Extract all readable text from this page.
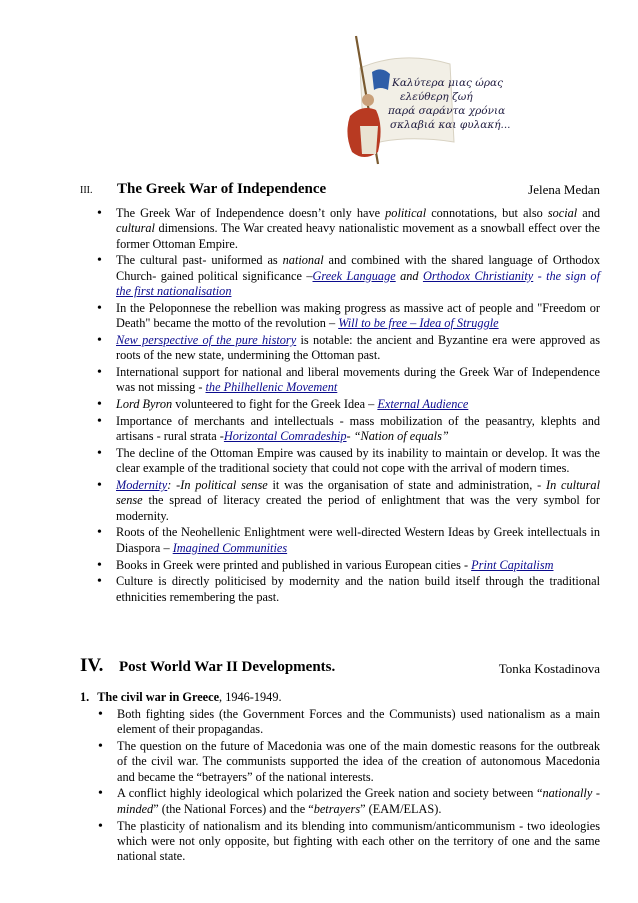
Καλύτερα μιας ώρας
ελεύθερη ζωή
παρά σαράντα χρόνια
σκλαβιά και φυλακή...
III. The Greek War of Independence	Jelena Medan
• The Greek War of Independence doesn’t only have political connotations, but also social and cultural dimensions. The War created heavy nationalistic movement as a snowball effect over the former Ottoman Empire.
• The cultural past- uniformed as national and combined with the shared language of Orthodox Church- gained political significance –Greek Language and Orthodox Christianity - the sign of the first nationalisation
• In the Peloponnese the rebellion was making progress as massive act of people and "Freedom or Death" became the motto of the revolution – Will to be free – Idea of Struggle
• New perspective of the pure history is notable: the ancient and Byzantine era were approved as roots of the new state, undermining the Ottoman past.
• International support for national and liberal movements during the Greek War of Independence was not missing - the Philhellenic Movement
• Lord Byron volunteered to fight for the Greek Idea – External Audience
• Importance of merchants and intellectuals - mass mobilization of the peasantry, klephts and artisans - rural strata -Horizontal Comradeship- “Nation of equals”
• The decline of the Ottoman Empire was caused by its inability to maintain or develop. It was the clear example of the traditional society that could not cope with the arrival of modern times.
• Modernity: -In political sense it was the organisation of state and administration, - In cultural sense the spread of literacy created the period of enlightment that was the very symbol for modernity.
• Roots of the Neohellenic Enlightment were well-directed Western Ideas by Greek intellectuals in Diaspora – Imagined Communities
• Books in Greek were printed and published in various European cities - Print Capitalism
• Culture is directly politicised by modernity and the nation build itself through the traditional ethnicities remembering the past.
IV. Post World War II Developments.	Tonka Kostadinova
1. The civil war in Greece, 1946-1949.
• Both fighting sides (the Government Forces and the Communists) used nationalism as a main element of their propagandas.
• The question on the future of Macedonia was one of the main domestic reasons for the outbreak of the civil war. The communists supported the idea of the creation of autonomous Macedonia and became the “betrayers” of the national interests.
• A conflict highly ideological which polarized the Greek nation and society between “nationally - minded” (the National Forces) and the “betrayers” (EAM/ELAS).
• The plasticity of nationalism and its blending into communism/anticommunism - two ideologies which were not only opposite, but fighting with each other on the territory of one and the same national state.
